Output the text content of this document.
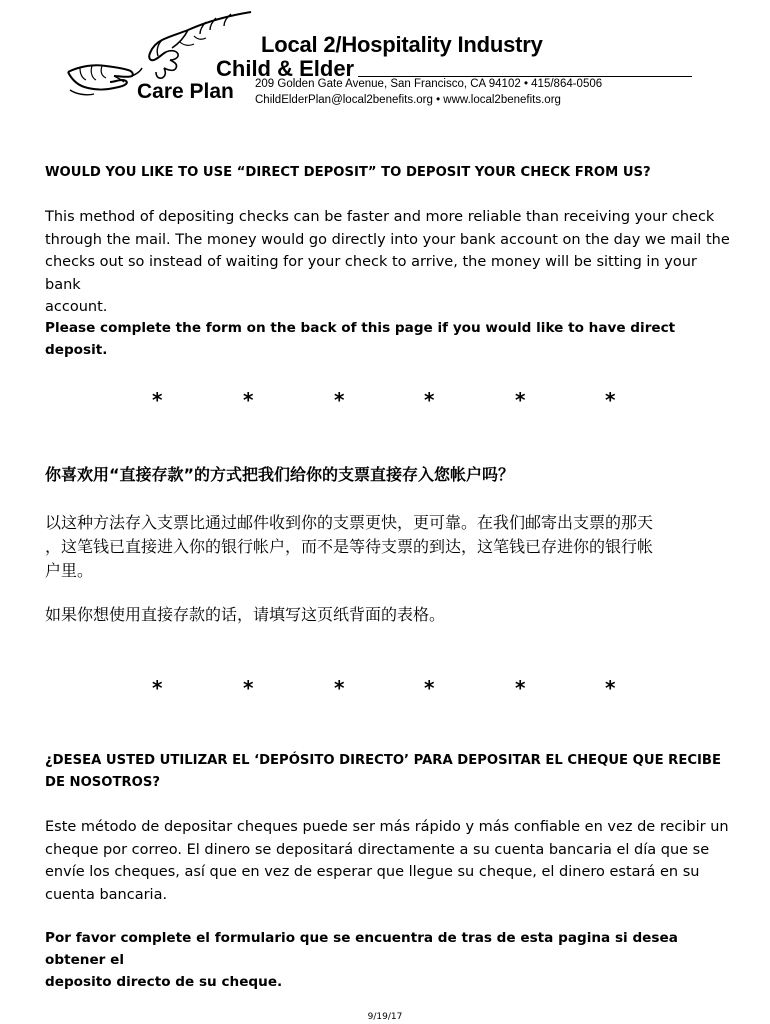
Local 2/Hospitality Industry
Child & Elder
Care Plan 209 Golden Gate Avenue, San Francisco, CA 94102 • 415/864-0506
ChildElderPlan@local2benefits.org • www.local2benefits.org

WOULD YOU LIKE TO USE “DIRECT DEPOSIT” TO DEPOSIT YOUR CHECK FROM US?

This method of depositing checks can be faster and more reliable than receiving your check

through the mail. The money would go directly into your bank account on the day we mail the

checks out so instead of waiting for your check to arrive, the money will be sitting in your bank

account.

Please complete the form on the back of this page if you would like to have direct deposit.

*	*	*	*	*	*

你喜欢用“直接存款”的方式把我们给你的支票直接存入您帐户吗？

以这种方法存入支票比通过邮件收到你的支票更快，更可靠。在我们邮寄出支票的那天

，这笔钱已直接进入你的银行帐户，而不是等待支票的到达，这笔钱已存进你的银行帐

户里。

如果你想使用直接存款的话，请填写这页纸背面的表格。

*	*	*	*	*	*

¿DESEA USTED UTILIZAR EL ‘DEPÓSITO DIRECTO’ PARA DEPOSITAR EL CHEQUE QUE RECIBE

DE NOSOTROS?

Este método de depositar cheques puede ser más rápido y más confiable en vez de recibir un

cheque por correo. El dinero se depositará directamente a su cuenta bancaria el día que se

envíe los cheques, así que en vez de esperar que llegue su cheque, el dinero estará en su

cuenta bancaria.

Por favor complete el formulario que se encuentra de tras de esta pagina si desea obtener el

deposito directo de su cheque.

9/19/17
